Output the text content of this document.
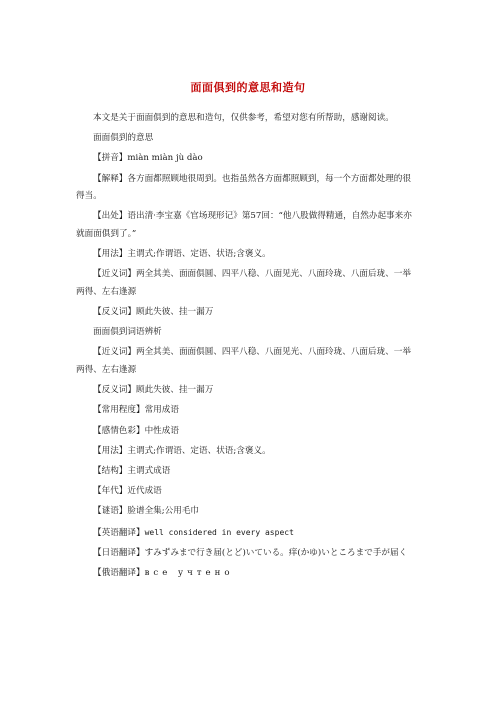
面面俱到的意思和造句

本文是关于面面俱到的意思和造句，仅供参考，希望对您有所帮助，感谢阅读。

面面俱到的意思

【拼音】miàn miàn jù dào

【解释】各方面都照顾地很周到。也指虽然各方面都照顾到，每一个方面都处理的很得当。

【出处】语出清·李宝嘉《官场现形记》第57回：“他八股做得精通，自然办起事来亦就面面俱到了。”

【用法】主谓式;作谓语、定语、状语;含褒义。

【近义词】两全其美、面面俱圆、四平八稳、八面见光、八面玲珑、八面后珑、一举两得、左右逢源

【反义词】顾此失彼、挂一漏万

面面俱到词语辨析

【近义词】两全其美、面面俱圆、四平八稳、八面见光、八面玲珑、八面后珑、一举两得、左右逢源

【反义词】顾此失彼、挂一漏万

【常用程度】常用成语

【感情色彩】中性成语

【用法】主谓式;作谓语、定语、状语;含褒义。

【结构】主谓式成语

【年代】近代成语

【谜语】脸谱全集;公用毛巾

【英语翻译】well considered in every aspect

【日语翻译】すみずみまで行き届(とど)いている。痒(かゆ)いところまで手が届く

【俄语翻译】все учтено
